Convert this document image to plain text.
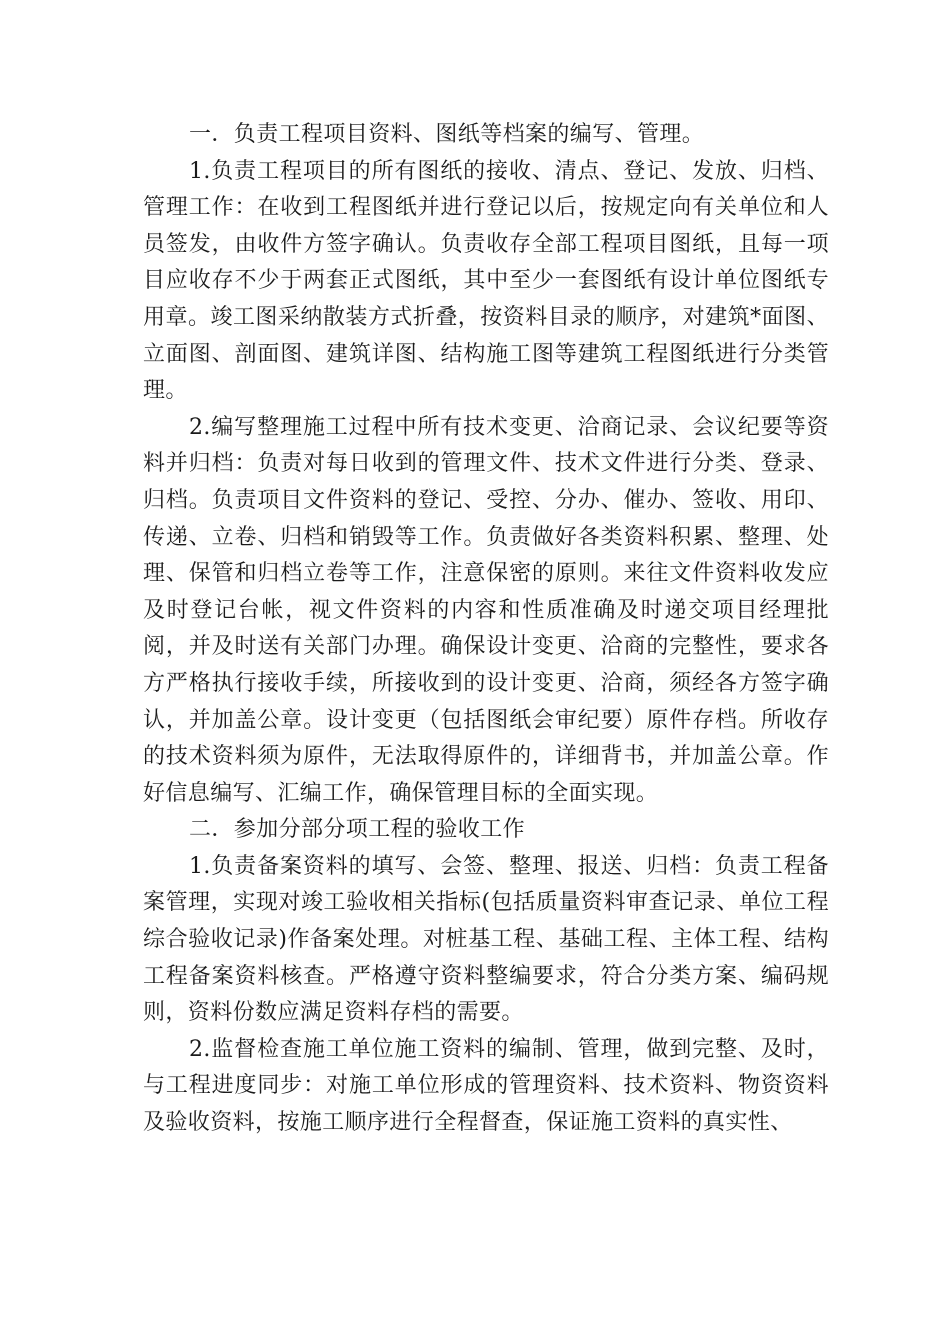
一．负责工程项目资料、图纸等档案的编写、管理。

1.负责工程项目的所有图纸的接收、清点、登记、发放、归档、管理工作：在收到工程图纸并进行登记以后，按规定向有关单位和人员签发，由收件方签字确认。负责收存全部工程项目图纸，且每一项目应收存不少于两套正式图纸，其中至少一套图纸有设计单位图纸专用章。竣工图采纳散装方式折叠，按资料目录的顺序，对建筑*面图、立面图、剖面图、建筑详图、结构施工图等建筑工程图纸进行分类管理。

2.编写整理施工过程中所有技术变更、洽商记录、会议纪要等资料并归档：负责对每日收到的管理文件、技术文件进行分类、登录、归档。负责项目文件资料的登记、受控、分办、催办、签收、用印、传递、立卷、归档和销毁等工作。负责做好各类资料积累、整理、处理、保管和归档立卷等工作，注意保密的原则。来往文件资料收发应及时登记台帐，视文件资料的内容和性质准确及时递交项目经理批阅，并及时送有关部门办理。确保设计变更、洽商的完整性，要求各方严格执行接收手续，所接收到的设计变更、洽商，须经各方签字确认，并加盖公章。设计变更（包括图纸会审纪要）原件存档。所收存的技术资料须为原件，无法取得原件的，详细背书，并加盖公章。作好信息编写、汇编工作，确保管理目标的全面实现。

二．参加分部分项工程的验收工作

1.负责备案资料的填写、会签、整理、报送、归档：负责工程备案管理，实现对竣工验收相关指标(包括质量资料审查记录、单位工程综合验收记录)作备案处理。对桩基工程、基础工程、主体工程、结构工程备案资料核查。严格遵守资料整编要求，符合分类方案、编码规则，资料份数应满足资料存档的需要。

2.监督检查施工单位施工资料的编制、管理，做到完整、及时，与工程进度同步：对施工单位形成的管理资料、技术资料、物资资料及验收资料，按施工顺序进行全程督查，保证施工资料的真实性、
